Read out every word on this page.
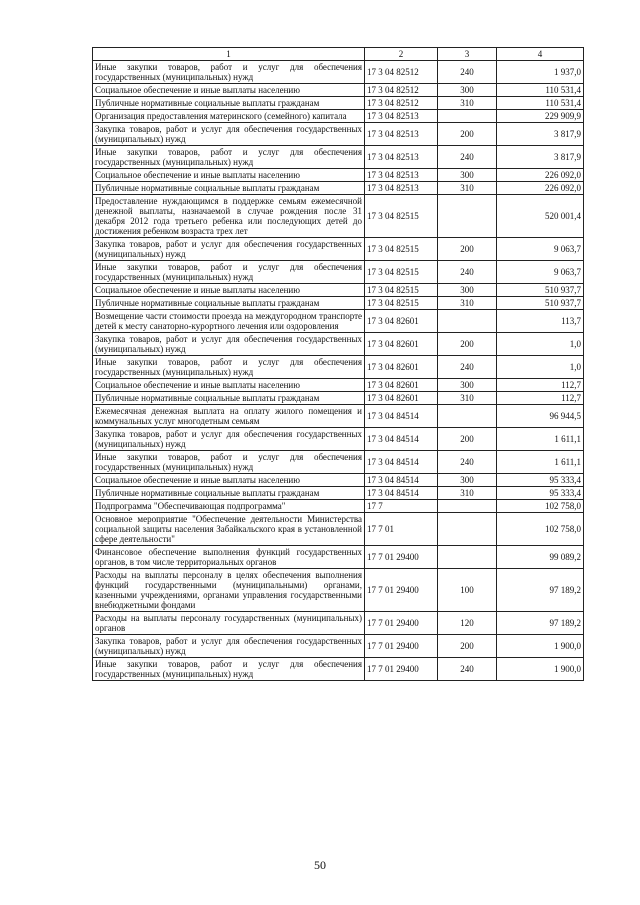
1	2	3	4
Иные закупки товаров, работ и услуг для обеспечения государственных (муниципальных) нужд	17 3 04 82512	240	1 937,0
Социальное обеспечение и иные выплаты населению	17 3 04 82512	300	110 531,4
Публичные нормативные социальные выплаты гражданам	17 3 04 82512	310	110 531,4
Организация предоставления материнского (семейного) капитала	17 3 04 82513		229 909,9
Закупка товаров, работ и услуг для обеспечения государственных (муниципальных) нужд	17 3 04 82513	200	3 817,9
Иные закупки товаров, работ и услуг для обеспечения государственных (муниципальных) нужд	17 3 04 82513	240	3 817,9
Социальное обеспечение и иные выплаты населению	17 3 04 82513	300	226 092,0
Публичные нормативные социальные выплаты гражданам	17 3 04 82513	310	226 092,0
Предоставление нуждающимся в поддержке семьям ежемесячной денежной выплаты, назначаемой в случае рождения после 31 декабря 2012 года третьего ребенка или последующих детей до достижения ребенком возраста трех лет	17 3 04 82515		520 001,4
Закупка товаров, работ и услуг для обеспечения государственных (муниципальных) нужд	17 3 04 82515	200	9 063,7
Иные закупки товаров, работ и услуг для обеспечения государственных (муниципальных) нужд	17 3 04 82515	240	9 063,7
Социальное обеспечение и иные выплаты населению	17 3 04 82515	300	510 937,7
Публичные нормативные социальные выплаты гражданам	17 3 04 82515	310	510 937,7
Возмещение части стоимости проезда на междугородном транспорте детей к месту санаторно-курортного лечения или оздоровления	17 3 04 82601		113,7
Закупка товаров, работ и услуг для обеспечения государственных (муниципальных) нужд	17 3 04 82601	200	1,0
Иные закупки товаров, работ и услуг для обеспечения государственных (муниципальных) нужд	17 3 04 82601	240	1,0
Социальное обеспечение и иные выплаты населению	17 3 04 82601	300	112,7
Публичные нормативные социальные выплаты гражданам	17 3 04 82601	310	112,7
Ежемесячная денежная выплата на оплату жилого помещения и коммунальных услуг многодетным семьям	17 3 04 84514		96 944,5
Закупка товаров, работ и услуг для обеспечения государственных (муниципальных) нужд	17 3 04 84514	200	1 611,1
Иные закупки товаров, работ и услуг для обеспечения государственных (муниципальных) нужд	17 3 04 84514	240	1 611,1
Социальное обеспечение и иные выплаты населению	17 3 04 84514	300	95 333,4
Публичные нормативные социальные выплаты гражданам	17 3 04 84514	310	95 333,4
Подпрограмма "Обеспечивающая подпрограмма"	17 7		102 758,0
Основное мероприятие "Обеспечение деятельности Министерства социальной защиты населения Забайкальского края в установленной сфере деятельности"	17 7 01		102 758,0
Финансовое обеспечение выполнения функций государственных органов, в том числе территориальных органов	17 7 01 29400		99 089,2
Расходы на выплаты персоналу в целях обеспечения выполнения функций государственными (муниципальными) органами, казенными учреждениями, органами управления государственными внебюджетными фондами	17 7 01 29400	100	97 189,2
Расходы на выплаты персоналу государственных (муниципальных) органов	17 7 01 29400	120	97 189,2
Закупка товаров, работ и услуг для обеспечения государственных (муниципальных) нужд	17 7 01 29400	200	1 900,0
Иные закупки товаров, работ и услуг для обеспечения государственных (муниципальных) нужд	17 7 01 29400	240	1 900,0
50
